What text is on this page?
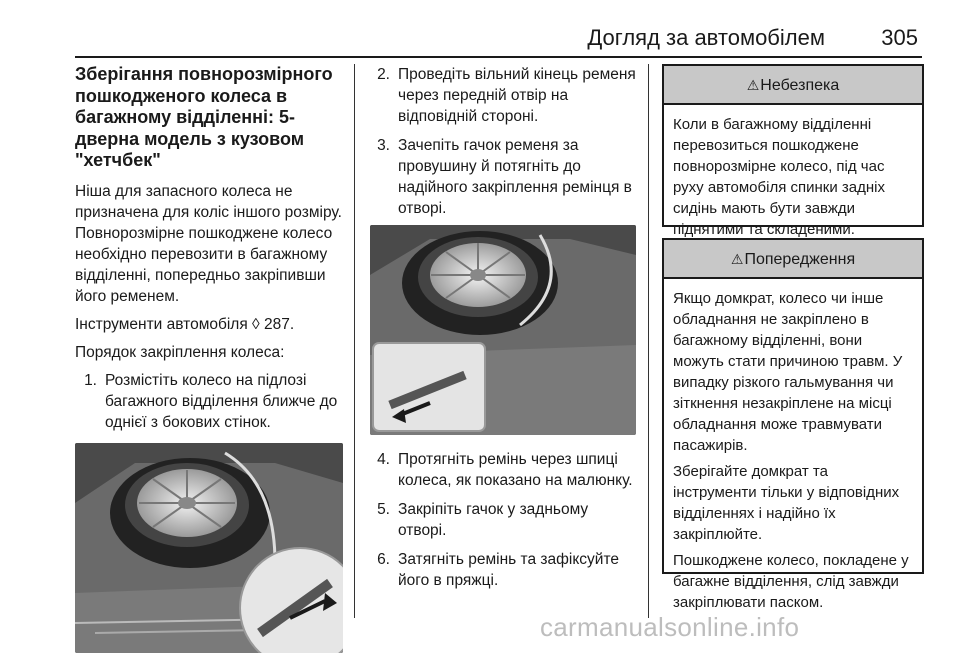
Догляд за автомобілем	305
Зберігання повнорозмірного пошкодженого колеса в багажному відділенні: 5-дверна модель з кузовом "хетчбек"

Ніша для запасного колеса не призначена для коліс іншого розміру. Повнорозмірне пошкоджене колесо необхідно перевозити в багажному відділенні, попередньо закріпивши його ременем.

Інструменти автомобіля ◊ 287.

Порядок закріплення колеса:

1. Розмістіть колесо на підлозі багажного відділення ближче до однієї з бокових стінок.
2. Проведіть вільний кінець ременя через передній отвір на відповідній стороні.
3. Зачепіть гачок ременя за провушину й потягніть до надійного закріплення ремінця в отворі.
4. Протягніть ремінь через шпиці колеса, як показано на малюнку.
5. Закріпіть гачок у задньому отворі.
6. Затягніть ремінь та зафіксуйте його в пряжці.
⚠Небезпека

Коли в багажному відділенні перевозиться пошкоджене повнорозмірне колесо, під час руху автомобіля спинки задніх сидінь мають бути завжди піднятими та складеними.

⚠Попередження

Якщо домкрат, колесо чи інше обладнання не закріплено в багажному відділенні, вони можуть стати причиною травм. У випадку різкого гальмування чи зіткнення незакріплене на місці обладнання може травмувати пасажирів.

Зберігайте домкрат та інструменти тільки у відповідних відділеннях і надійно їх закріплюйте.

Пошкоджене колесо, покладене у багажне відділення, слід завжди закріплювати паском.

carmanualsonline.info
